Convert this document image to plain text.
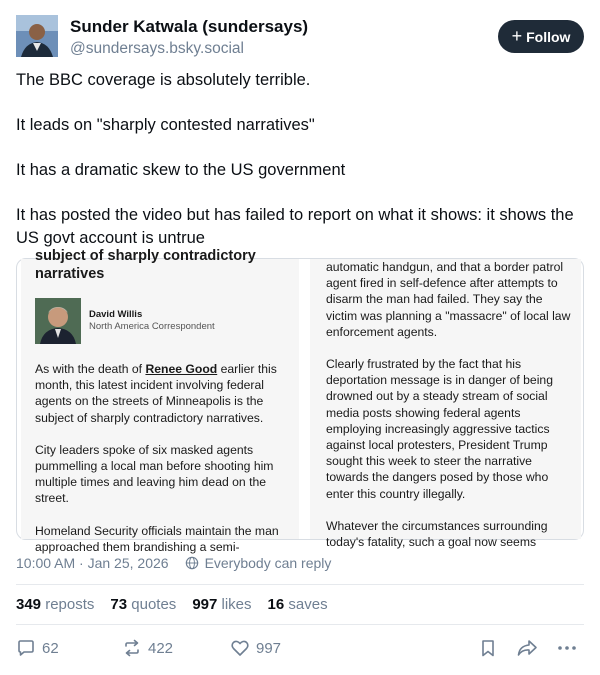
Sunder Katwala (sundersays)
@sundersays.bsky.social
+ Follow

The BBC coverage is absolutely terrible.

It leads on "sharply contested narratives"

It has a dramatic skew to the US government

It has posted the video but has failed to report on what it shows: it shows the US govt account is untrue

subject of sharply contradictory
narratives
David Willis
North America Correspondent
As with the death of Renee Good earlier this month, this latest incident involving federal agents on the streets of Minneapolis is the subject of sharply contradictory narratives.
City leaders spoke of six masked agents pummelling a local man before shooting him multiple times and leaving him dead on the street.
Homeland Security officials maintain the man approached them brandishing a semi-
automatic handgun, and that a border patrol agent fired in self-defence after attempts to disarm the man had failed. They say the victim was planning a "massacre" of local law enforcement agents.
Clearly frustrated by the fact that his deportation message is in danger of being drowned out by a steady stream of social media posts showing federal agents employing increasingly aggressive tactics against local protesters, President Trump sought this week to steer the narrative towards the dangers posed by those who enter this country illegally.
Whatever the circumstances surrounding today's fatality, such a goal now seems
10:00 AM · Jan 25, 2026	Everybody can reply
349 reposts 73 quotes 997 likes 16 saves
62	422	997
